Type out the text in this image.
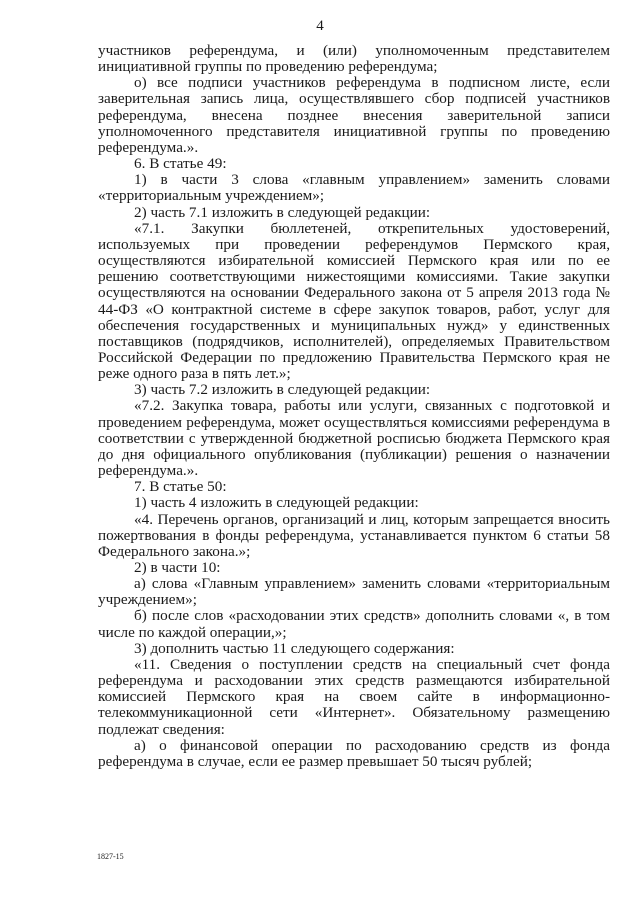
4

участников референдума, и (или) уполномоченным представителем инициативной группы по проведению референдума;

о) все подписи участников референдума в подписном листе, если заверительная запись лица, осуществлявшего сбор подписей участников референдума, внесена позднее внесения заверительной записи уполномоченного представителя инициативной группы по проведению референдума.».

6. В статье 49:

1) в части 3 слова «главным управлением» заменить словами «территориальным учреждением»;

2) часть 7.1 изложить в следующей редакции:

«7.1. Закупки бюллетеней, открепительных удостоверений, используемых при проведении референдумов Пермского края, осуществляются избирательной комиссией Пермского края или по ее решению соответствующими нижестоящими комиссиями. Такие закупки осуществляются на основании Федерального закона от 5 апреля 2013 года № 44-ФЗ «О контрактной системе в сфере закупок товаров, работ, услуг для обеспечения государственных и муниципальных нужд» у единственных поставщиков (подрядчиков, исполнителей), определяемых Правительством Российской Федерации по предложению Правительства Пермского края не реже одного раза в пять лет.»;

3) часть 7.2 изложить в следующей редакции:

«7.2. Закупка товара, работы или услуги, связанных с подготовкой и проведением референдума, может осуществляться комиссиями референдума в соответствии с утвержденной бюджетной росписью бюджета Пермского края до дня официального опубликования (публикации) решения о назначении референдума.».

7. В статье 50:

1) часть 4 изложить в следующей редакции:

«4. Перечень органов, организаций и лиц, которым запрещается вносить пожертвования в фонды референдума, устанавливается пунктом 6 статьи 58 Федерального закона.»;

2) в части 10:

а) слова «Главным управлением» заменить словами «территориальным учреждением»;

б) после слов «расходовании этих средств» дополнить словами «, в том числе по каждой операции,»;

3) дополнить частью 11 следующего содержания:

«11. Сведения о поступлении средств на специальный счет фонда референдума и расходовании этих средств размещаются избирательной комиссией Пермского края на своем сайте в информационно-телекоммуникационной сети «Интернет». Обязательному размещению подлежат сведения:

а) о финансовой операции по расходованию средств из фонда референдума в случае, если ее размер превышает 50 тысяч рублей;

1827-15
